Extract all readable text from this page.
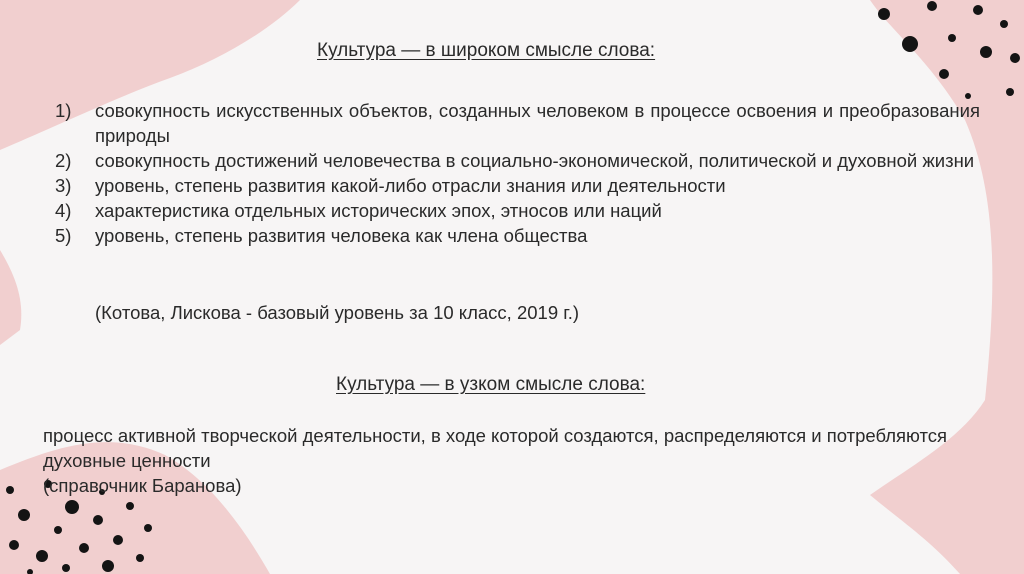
Культура — в широком смысле слова:
1)	совокупность искусственных объектов, созданных человеком в процессе освоения и преобразования природы
2)	совокупность достижений человечества в социально-экономической, политической и духовной жизни
3)	уровень, степень развития какой-либо отрасли знания или деятельности
4)	характеристика отдельных исторических эпох, этносов или наций
5)	уровень, степень развития человека как члена общества
(Котова, Лискова - базовый уровень за 10 класс, 2019 г.)
Культура — в узком смысле слова:

процесс активной творческой деятельности, в ходе которой создаются, распределяются и потребляются духовные ценности

(справочник Баранова)
